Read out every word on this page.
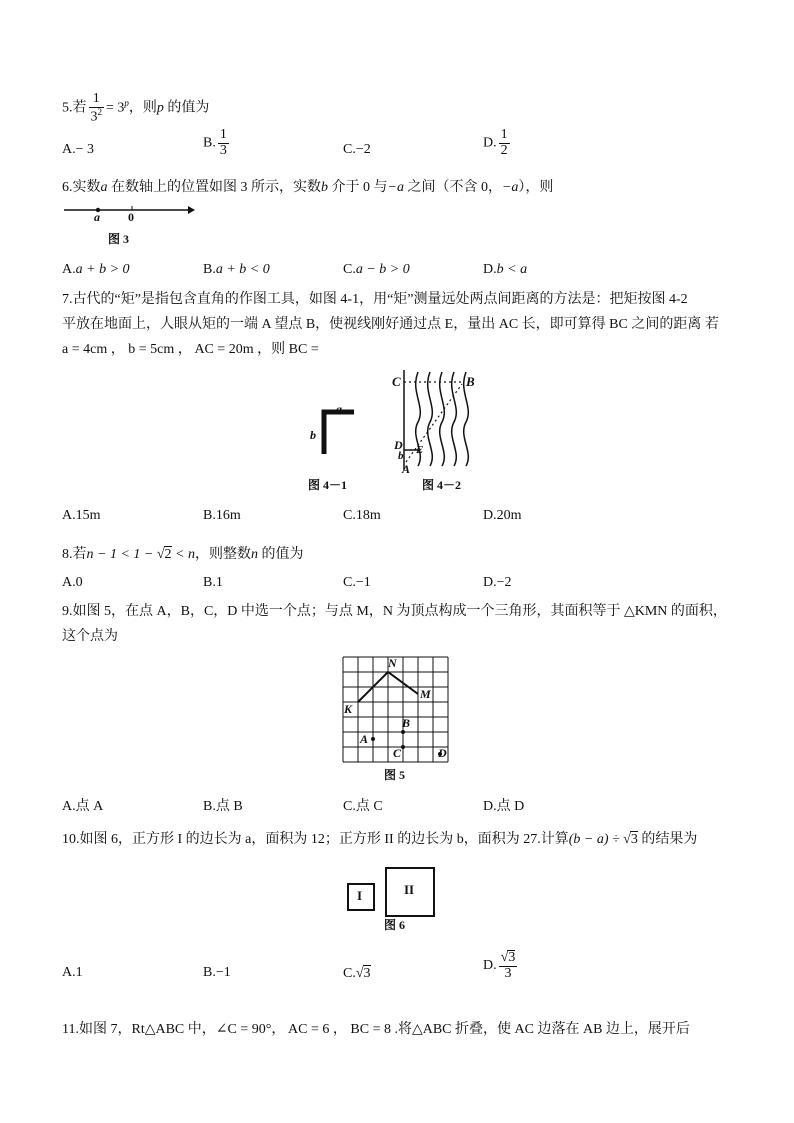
5.若 $\frac{1}{3^2} = 3^p$，则p 的值为
A.− 3	B. $\frac{1}{3}$	C.−2	D. $\frac{1}{2}$
6.实数a 在数轴上的位置如图 3 所示，实数b 介于 0 与−a 之间（不含 0，−a），则
a 0
图 3
A.a + b > 0	B.a + b < 0	C.a − b > 0	D.b < a
7.古代的“矩”是指包含直角的作图工具，如图 4-1，用“矩”测量远处两点间距离的方法是：把矩按图 4-2
平放在地面上，人眼从矩的一端 A 望点 B，使视线刚好通过点 E，量出 AC 长，即可算得 BC 之间的距离 若
a = 4cm ， b = 5cm ， AC = 20m ，则 BC =
a
b
C	B
D E
b
A
图 4－1	图 4－2
A.15m	B.16m	C.18m	D.20m
8.若n − 1 < 1 − √2 < n，则整数n 的值为
A.0	B.1	C.−1	D.−2
9.如图 5，在点 A，B，C，D 中选一个点；与点 M，N 为顶点构成一个三角形，其面积等于 △KMN 的面积，
这个点为
N
M
K
B
A
C	D
图 5
A.点 A	B.点 B	C.点 C	D.点 D
10.如图 6，正方形 I 的边长为 a，面积为 12；正方形 II 的边长为 b，面积为 27.计算(b − a) ÷ √3 的结果为
I	II
图 6
A.1	B.−1	C.√3
D. $\frac{√3}{3}$
11.如图 7，Rt△ABC 中，∠C = 90°， AC = 6 ， BC = 8 .将△ABC 折叠，使 AC 边落在 AB 边上，展开后
